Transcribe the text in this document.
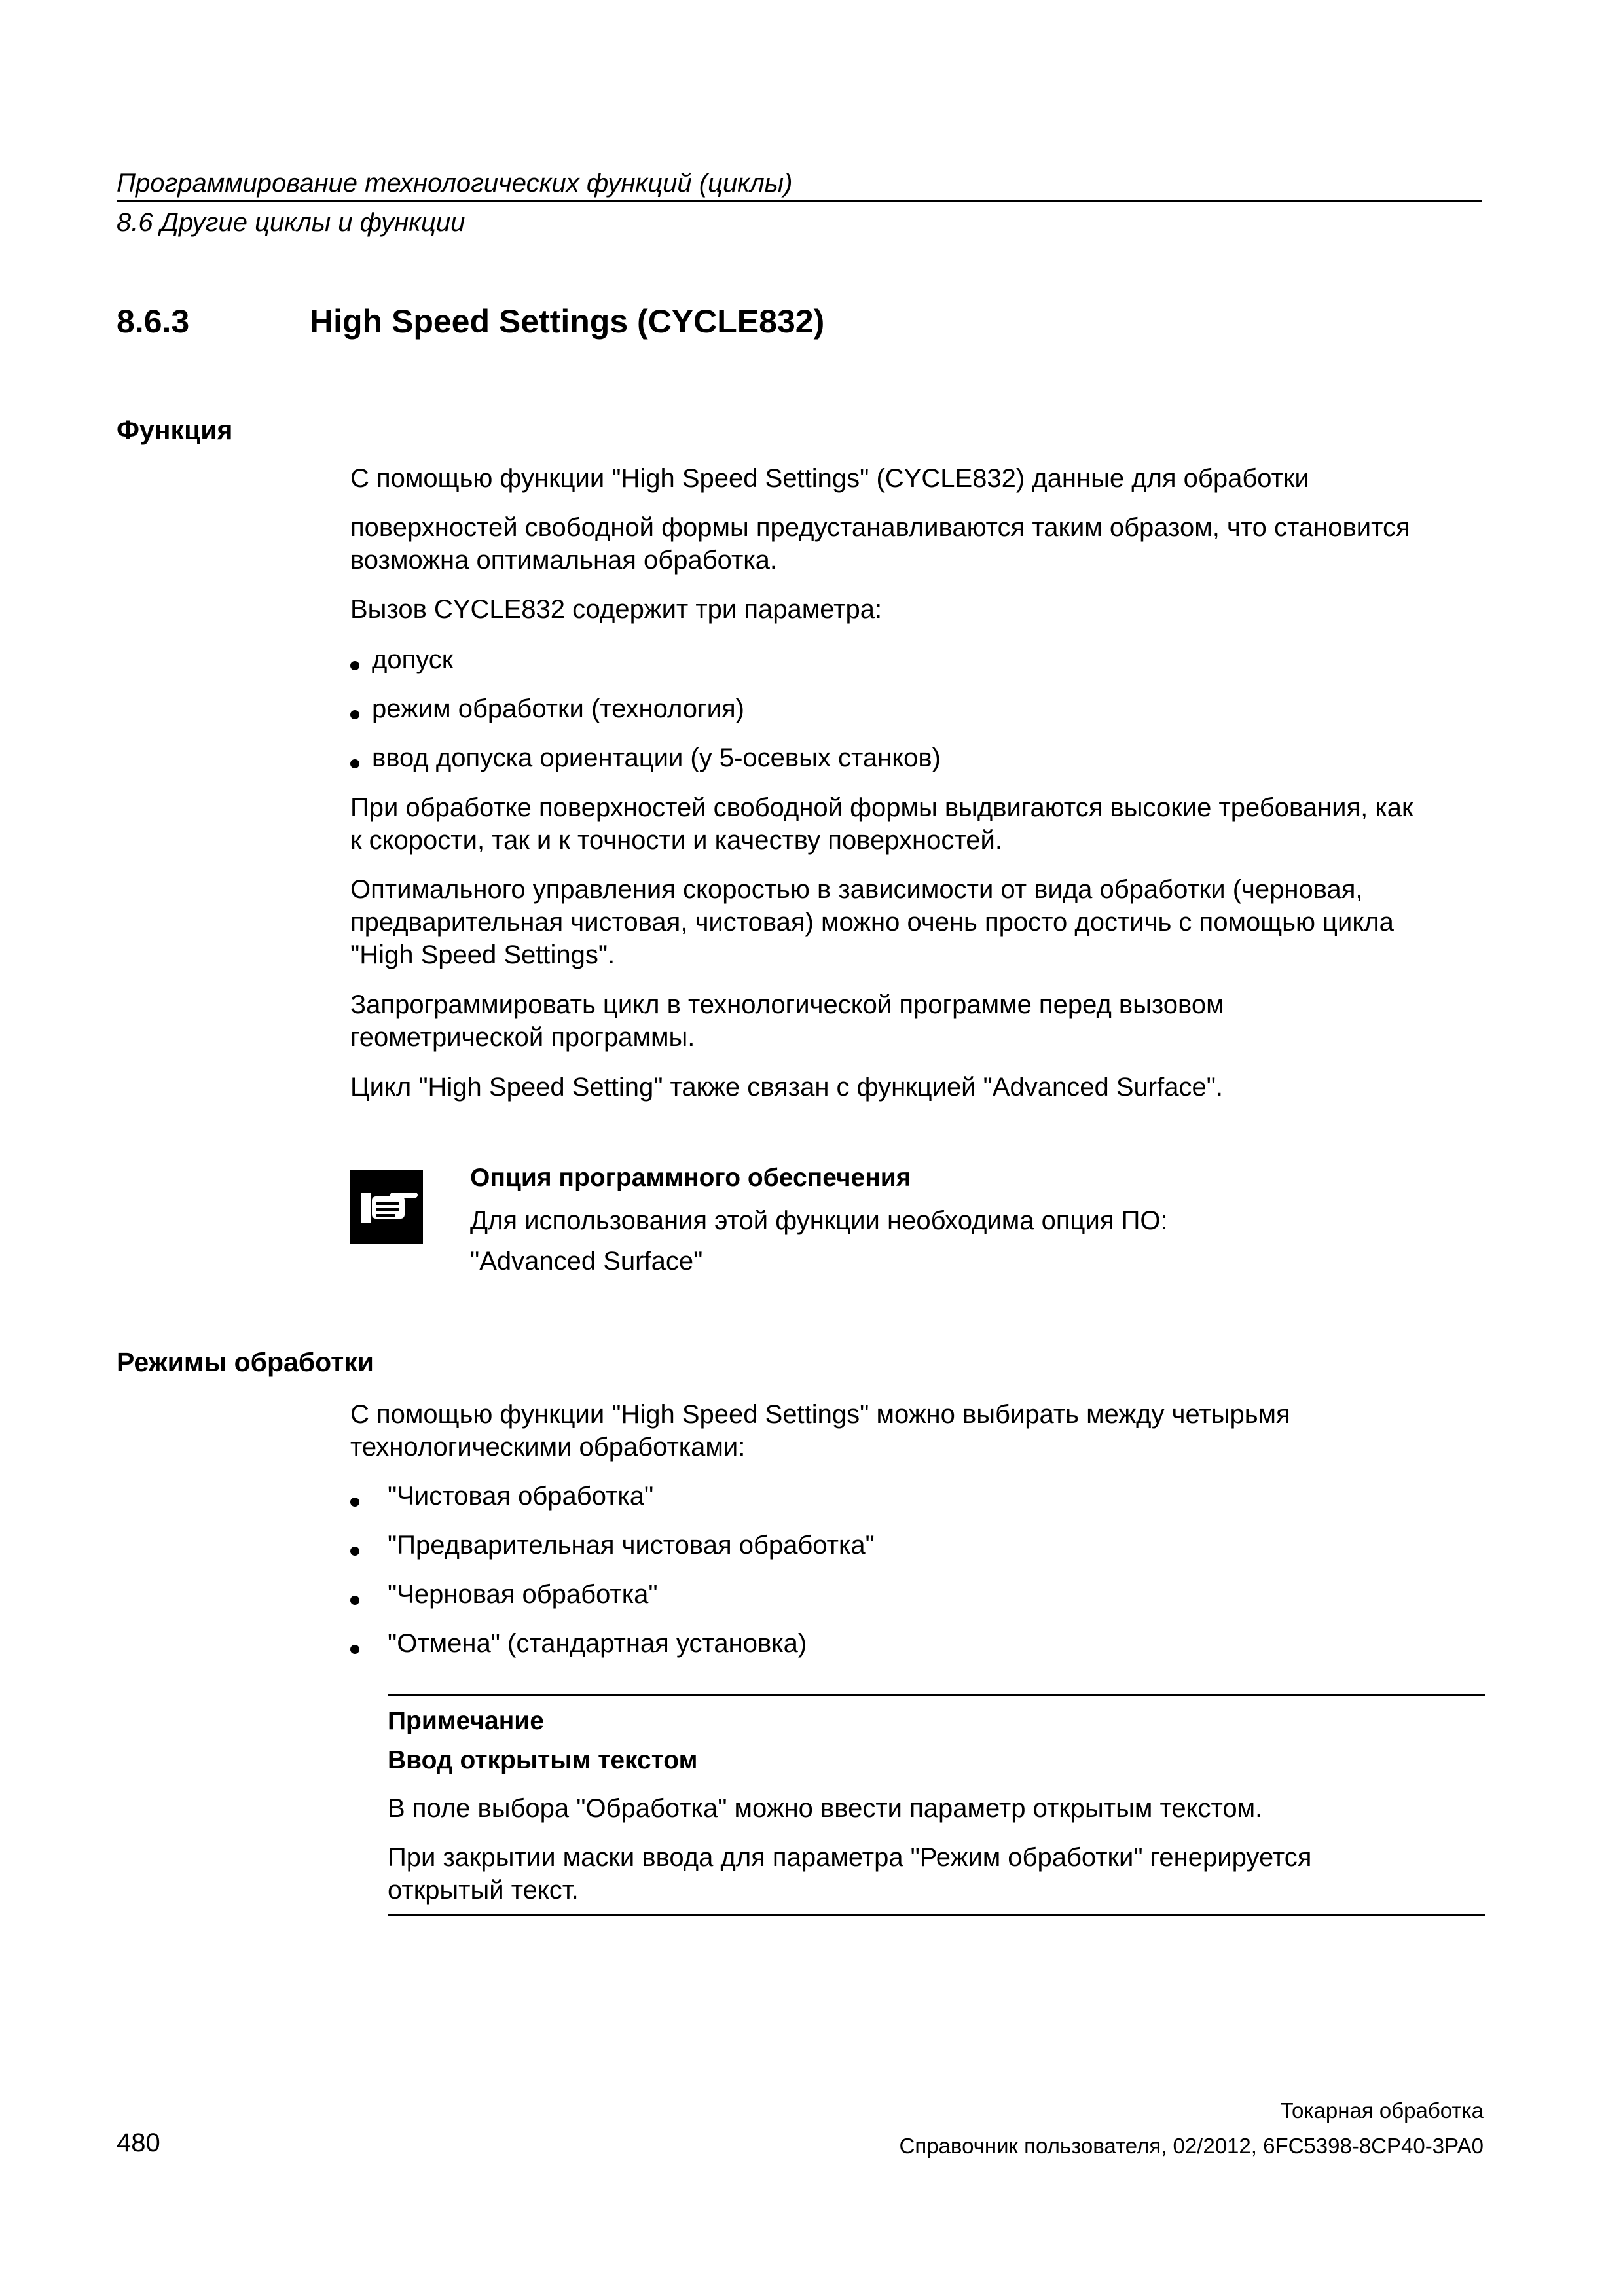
Программирование технологических функций (циклы)
8.6 Другие циклы и функции
8.6.3	High Speed Settings (CYCLE832)
Функция
С помощью функции "High Speed Settings" (CYCLE832) данные для обработки
поверхностей свободной формы предустанавливаются таким образом, что становится
возможна оптимальная обработка.
Вызов CYCLE832 содержит три параметра:
допуск
режим обработки (технология)
ввод допуска ориентации (у 5-осевых станков)
При обработке поверхностей свободной формы выдвигаются высокие требования, как
к скорости, так и к точности и качеству поверхностей.
Оптимального управления скоростью в зависимости от вида обработки (черновая,
предварительная чистовая, чистовая) можно очень просто достичь с помощью цикла
"High Speed Settings".
Запрограммировать цикл в технологической программе перед вызовом
геометрической программы.
Цикл "High Speed Setting" также связан с функцией "Advanced Surface".
Опция программного обеспечения
Для использования этой функции необходима опция ПО:
"Advanced Surface"
Режимы обработки
С помощью функции "High Speed Settings" можно выбирать между четырьмя
технологическими обработками:
"Чистовая обработка"
"Предварительная чистовая обработка"
"Черновая обработка"
"Отмена" (стандартная установка)
Примечание
Ввод открытым текстом
В поле выбора "Обработка" можно ввести параметр открытым текстом.
При закрытии маски ввода для параметра "Режим обработки" генерируется
открытый текст.
Токарная обработка
480	Справочник пользователя, 02/2012, 6FC5398-8CP40-3PA0
